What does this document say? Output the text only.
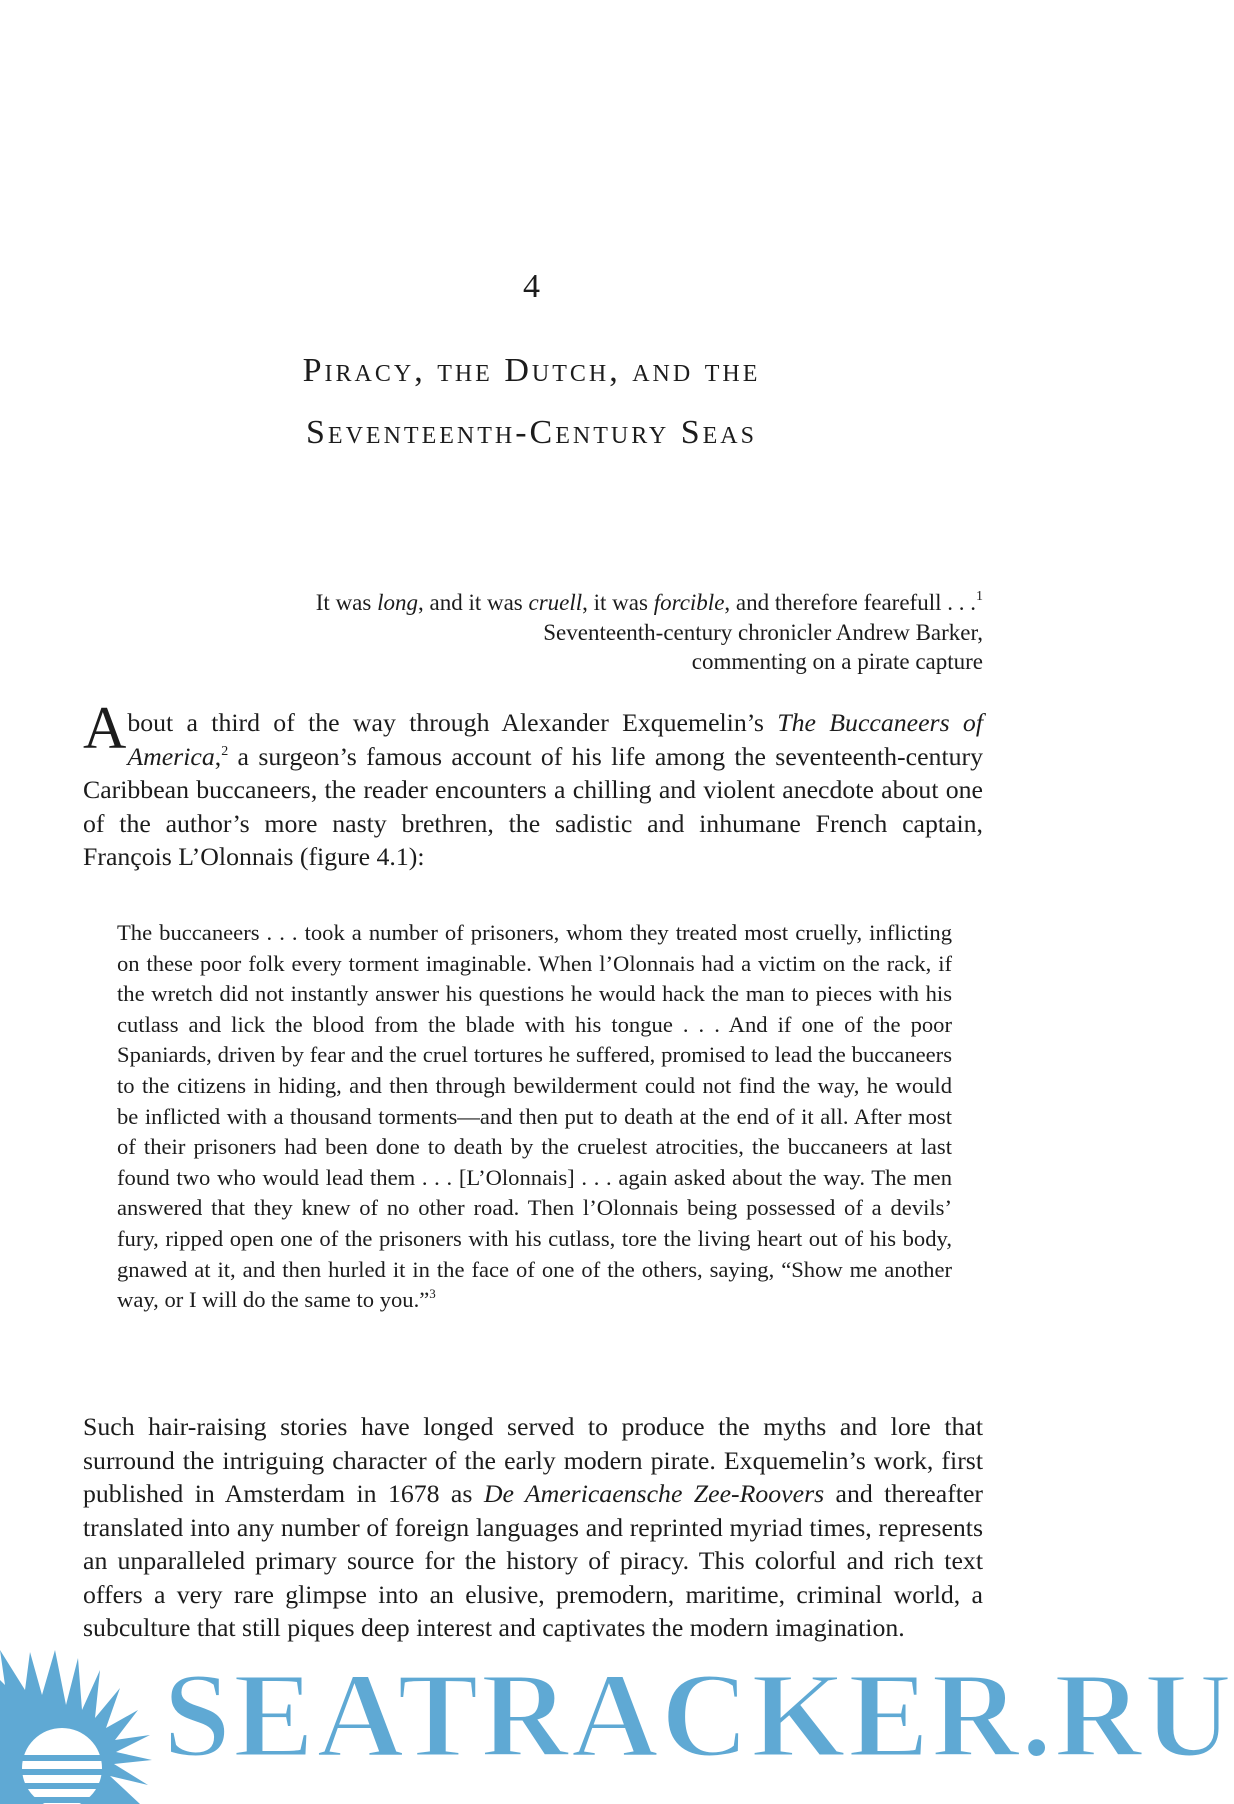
4
Piracy, the Dutch, and the
Seventeenth-Century Seas
It was long, and it was cruell, it was forcible, and therefore fearefull . . .$^1$
Seventeenth-century chronicler Andrew Barker,
commenting on a pirate capture

About a third of the way through Alexander Exquemelin’s The Buccaneers of America,$^2$ a surgeon’s famous account of his life among the seventeenth-century Caribbean buccaneers, the reader encounters a chilling and violent anecdote about one of the author’s more nasty brethren, the sadistic and inhumane French captain, François L’Olonnais (figure 4.1):

The buccaneers . . . took a number of prisoners, whom they treated most cruelly, inflicting on these poor folk every torment imaginable. When l’Olonnais had a victim on the rack, if the wretch did not instantly answer his questions he would hack the man to pieces with his cutlass and lick the blood from the blade with his tongue . . . And if one of the poor Spaniards, driven by fear and the cruel tortures he suffered, promised to lead the buccaneers to the citizens in hiding, and then through bewilderment could not find the way, he would be inflicted with a thousand torments—and then put to death at the end of it all. After most of their prisoners had been done to death by the cruelest atrocities, the buccaneers at last found two who would lead them . . . [L’Olonnais] . . . again asked about the way. The men answered that they knew of no other road. Then l’Olonnais being possessed of a devils’ fury, ripped open one of the prisoners with his cutlass, tore the living heart out of his body, gnawed at it, and then hurled it in the face of one of the others, saying, “Show me another way, or I will do the same to you.”$^3$

Such hair-raising stories have longed served to produce the myths and lore that surround the intriguing character of the early modern pirate. Exquemelin’s work, first published in Amsterdam in 1678 as De Americaensche Zee-Roovers and thereafter translated into any number of foreign languages and reprinted myriad times, represents an unparalleled primary source for the history of piracy. This colorful and rich text offers a very rare glimpse into an elusive, premodern, maritime, criminal world, a subculture that still piques deep interest and captivates the modern imagination.

SEATRACKER.RU
